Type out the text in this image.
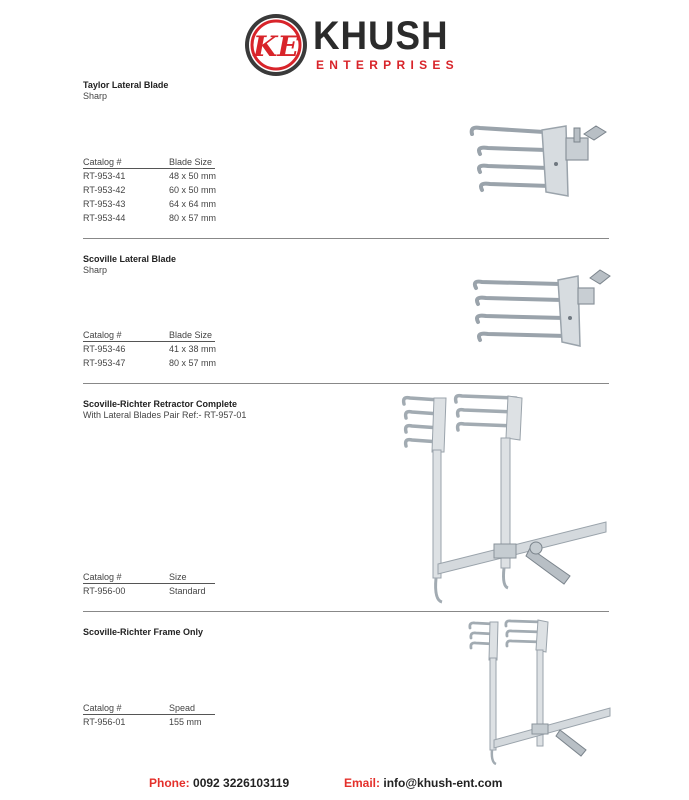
KE KHUSH
ENTERPRISES

Taylor Lateral Blade

Sharp

Catalog #	Blade Size
RT-953-41	48 x 50 mm
RT-953-42	60 x 50 mm
RT-953-43	64 x 64 mm
RT-953-44	80 x 57 mm

Scoville Lateral Blade

Sharp

Catalog #	Blade Size
RT-953-46	41 x 38 mm
RT-953-47	80 x 57 mm

Scoville-Richter Retractor Complete

With Lateral Blades Pair Ref:- RT-957-01

Catalog #	Size
RT-956-00	Standard

Scoville-Richter Frame Only

Catalog #	Spead
RT-956-01	155 mm
Phone: 0092 3226103119	Email: info@khush-ent.com
